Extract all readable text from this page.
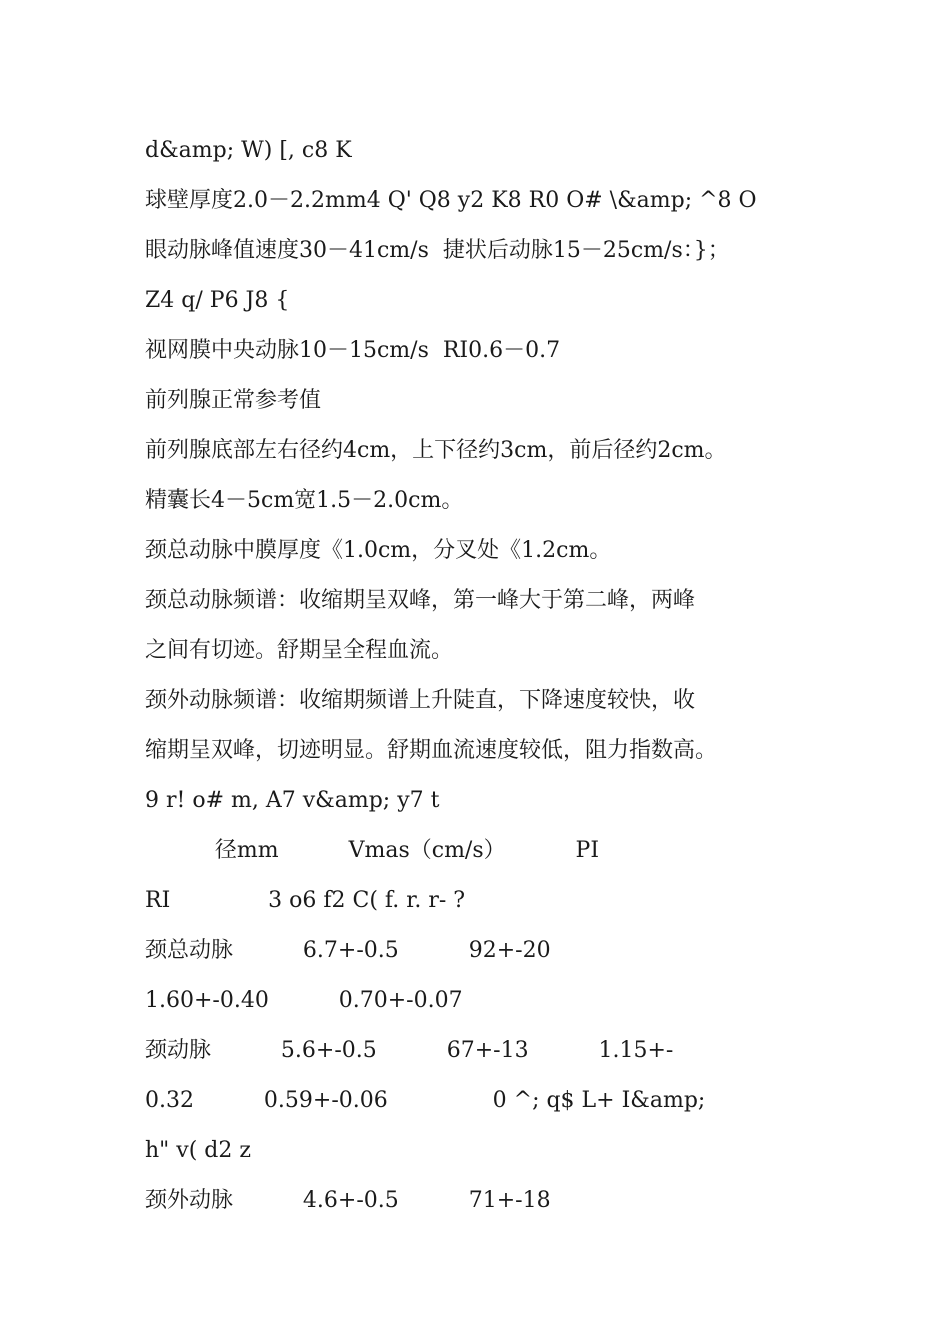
d&amp; W) [, c8 K
球壁厚度2.0－2.2mm4 Q' Q8 y2 K8 R0 O# \&amp; ^8 O
眼动脉峰值速度30－41cm/s  捷状后动脉15－25cm/s：}；
Z4 q/ P6 J8 {
视网膜中央动脉10－15cm/s  RI0.6－0.7
前列腺正常参考值
前列腺底部左右径约4cm，上下径约3cm，前后径约2cm。
精囊长4－5cm宽1.5－2.0cm。
颈总动脉中膜厚度《1.0cm，分叉处《1.2cm。
颈总动脉频谱：收缩期呈双峰，第一峰大于第二峰，两峰
之间有切迹。舒期呈全程血流。
颈外动脉频谱：收缩期频谱上升陡直，下降速度较快，收
缩期呈双峰，切迹明显。舒期血流速度较低，阻力指数高。
9 r! o# m, A7 v&amp; y7 t
径mm          Vmas（cm/s）          PI
RI              3 o6 f2 C( f. r. r- ?
颈总动脉          6.7+-0.5          92+-20
1.60+-0.40          0.70+-0.07
颈动脉          5.6+-0.5          67+-13          1.15+-
0.32          0.59+-0.06               0 ^; q$ L+ I&amp;
h" v( d2 z
颈外动脉          4.6+-0.5          71+-18
